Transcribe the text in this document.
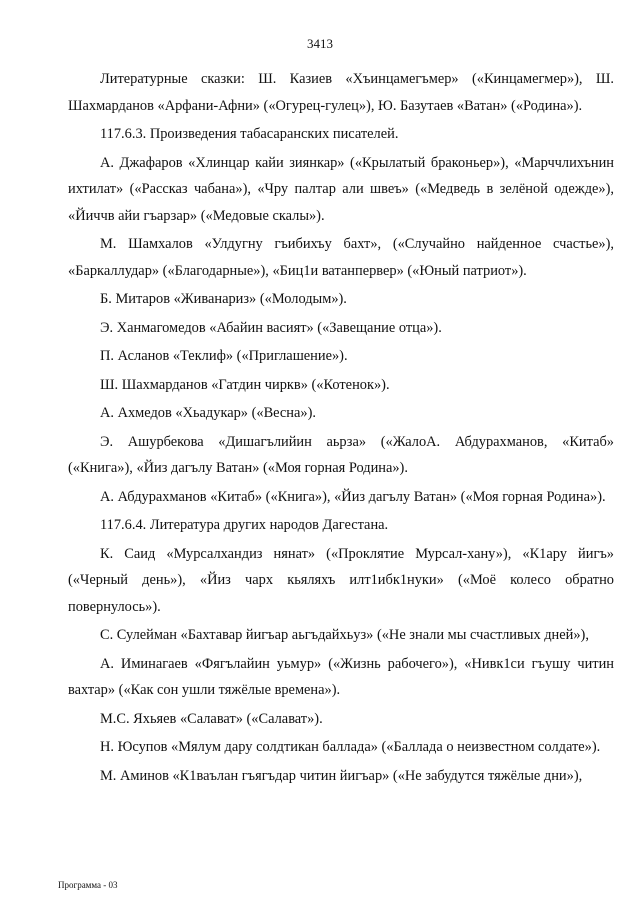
3413

Литературные сказки: Ш. Казиев «Хъинцамегъмер» («Кинцамегмер»), Ш. Шахмарданов «Арфани-Афни» («Огурец-гулец»), Ю. Базутаев «Ватан» («Родина»).

117.6.3. Произведения табасаранских писателей.

А. Джафаров «Хлинцар кайи зиянкар» («Крылатый браконьер»), «Марччлихънин ихтилат» («Рассказ чабана»), «Чру палтар али швеъ» («Медведь в зелёной одежде»), «Йиччв айи гъарзар» («Медовые скалы»).

М. Шамхалов «Улдугну гъибихъу бахт», («Случайно найденное счастье»), «Баркаллудар» («Благодарные»), «Биц1и ватанпервер» («Юный патриот»).

Б. Митаров «Живанариз» («Молодым»).

Э. Ханмагомедов «Абайин васият» («Завещание отца»).

П. Асланов «Теклиф» («Приглашение»).

Ш. Шахмарданов «Гатдин чиркв» («Котенок»).

А. Ахмедов «Хьадукар» («Весна»).

Э. Ашурбекова «Дишагълийин аьрза» («ЖалоА. Абдурахманов, «Китаб» («Книга»), «Йиз дагълу Ватан» («Моя горная Родина»).

А. Абдурахманов «Китаб» («Книга»), «Йиз дагълу Ватан» («Моя горная Родина»).

117.6.4. Литература других народов Дагестана.

К. Саид «Мурсалхандиз нянат» («Проклятие Мурсал-хану»), «К1ару йигъ» («Черный день»), «Йиз чарх кьяляхъ илт1ибк1нуки» («Моё колесо обратно повернулось»).

С. Сулейман «Бахтавар йигъар аьгъдайхьуз» («Не знали мы счастливых дней»),

А. Иминагаев «Фягълайин уьмур» («Жизнь рабочего»), «Нивк1си гъушу читин вахтар» («Как сон ушли тяжёлые времена»).

М.С. Яхьяев «Салават» («Салават»).

Н. Юсупов «Мялум дару солдтикан баллада» («Баллада о неизвестном солдате»).

М. Аминов «К1ваълан гъягъдар читин йигъар» («Не забудутся тяжёлые дни»),

Программа - 03
